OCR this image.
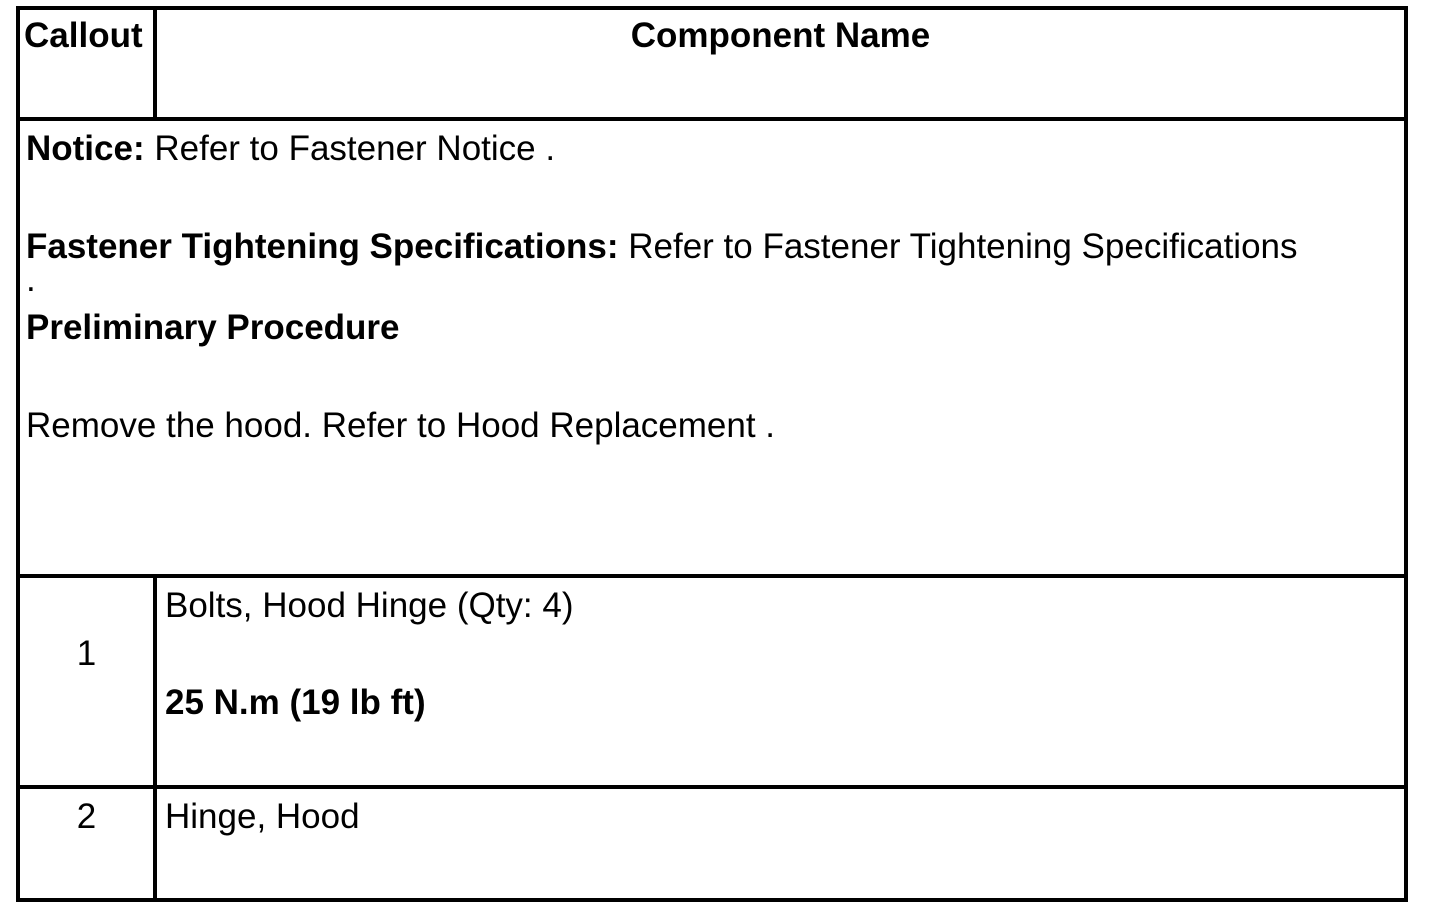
Callout	Component Name

Notice: Refer to Fastener Notice .

Fastener Tightening Specifications: Refer to Fastener Tightening Specifications
.

Preliminary Procedure

Remove the hood. Refer to Hood Replacement .	

1	Bolts, Hood Hinge (Qty: 4)
25 N.m (19 lb ft)

2	Hinge, Hood
